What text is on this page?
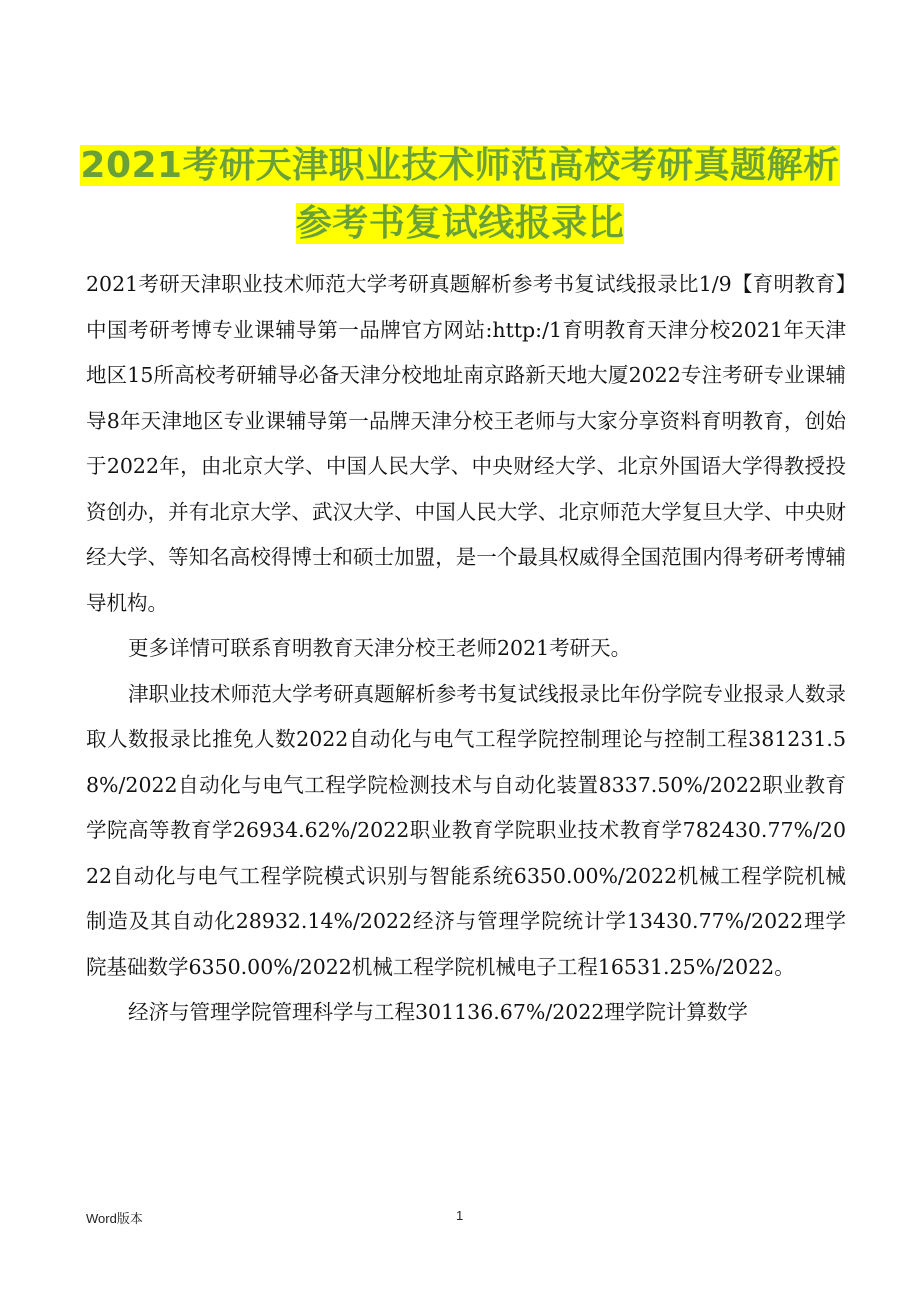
2021考研天津职业技术师范高校考研真题解析
参考书复试线报录比

2021考研天津职业技术师范大学考研真题解析参考书复试线报录比1/9【育明教育】中国考研考博专业课辅导第一品牌官方网站:http:/1育明教育天津分校2021年天津地区15所高校考研辅导必备天津分校地址南京路新天地大厦2022专注考研专业课辅导8年天津地区专业课辅导第一品牌天津分校王老师与大家分享资料育明教育，创始于2022年，由北京大学、中国人民大学、中央财经大学、北京外国语大学得教授投资创办，并有北京大学、武汉大学、中国人民大学、北京师范大学复旦大学、中央财经大学、等知名高校得博士和硕士加盟，是一个最具权威得全国范围内得考研考博辅导机构。

更多详情可联系育明教育天津分校王老师2021考研天。

津职业技术师范大学考研真题解析参考书复试线报录比年份学院专业报录人数录取人数报录比推免人数2022自动化与电气工程学院控制理论与控制工程381231.58%/2022自动化与电气工程学院检测技术与自动化装置8337.50%/2022职业教育学院高等教育学26934.62%/2022职业教育学院职业技术教育学782430.77%/2022自动化与电气工程学院模式识别与智能系统6350.00%/2022机械工程学院机械制造及其自动化28932.14%/2022经济与管理学院统计学13430.77%/2022理学院基础数学6350.00%/2022机械工程学院机械电子工程16531.25%/2022。

经济与管理学院管理科学与工程301136.67%/2022理学院计算数学

Word版本	1
